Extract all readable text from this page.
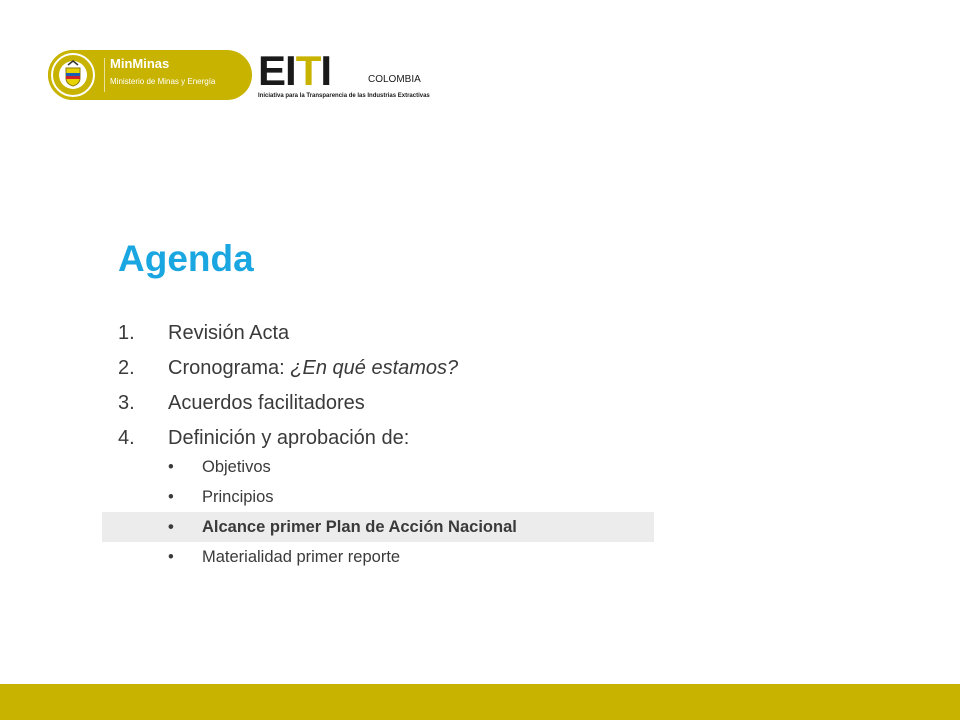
MinMinas
Ministerio de Minas y Energía EITI	COLOMBIA
Iniciativa para la Transparencia de las Industrias Extractivas
Agenda
1. Revisión Acta
2. Cronograma: ¿En qué estamos?
3. Acuerdos facilitadores
4. Definición y aprobación de:
• Objetivos
• Principios
• Alcance primer Plan de Acción Nacional
• Materialidad primer reporte
